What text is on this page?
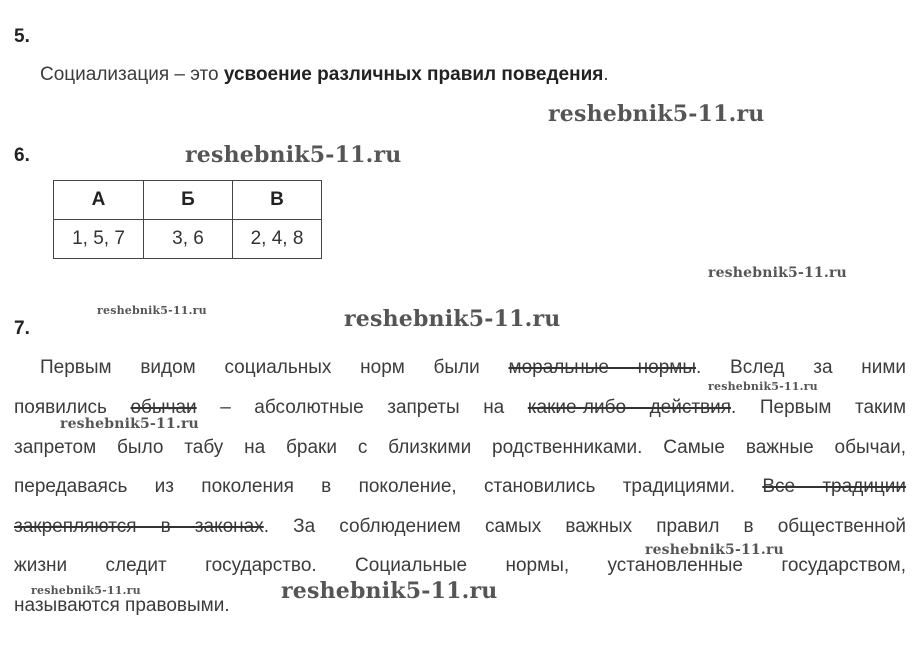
5.
Социализация – это усвоение различных правил поведения.
6.
А	Б	В
1, 5, 7	3, 6	2, 4, 8
7.
Первым видом социальных норм были моральные нормы. Вслед за ними
появились обычаи – абсолютные запреты на какие-либо действия. Первым таким
запретом было табу на браки с близкими родственниками. Самые важные обычаи,
передаваясь из поколения в поколение, становились традициями. Все традиции
закрепляются в законах. За соблюдением самых важных правил в общественной
жизни следит государство. Социальные нормы, установленные государством,
называются правовыми.
reshebnik5-11.ru
reshebnik5-11.ru
reshebnik5-11.ru
reshebnik5-11.ru	reshebnik5-11.ru
reshebnik5-11.ru
reshebnik5-11.ru
reshebnik5-11.ru
reshebnik5-11.ru	reshebnik5-11.ru
